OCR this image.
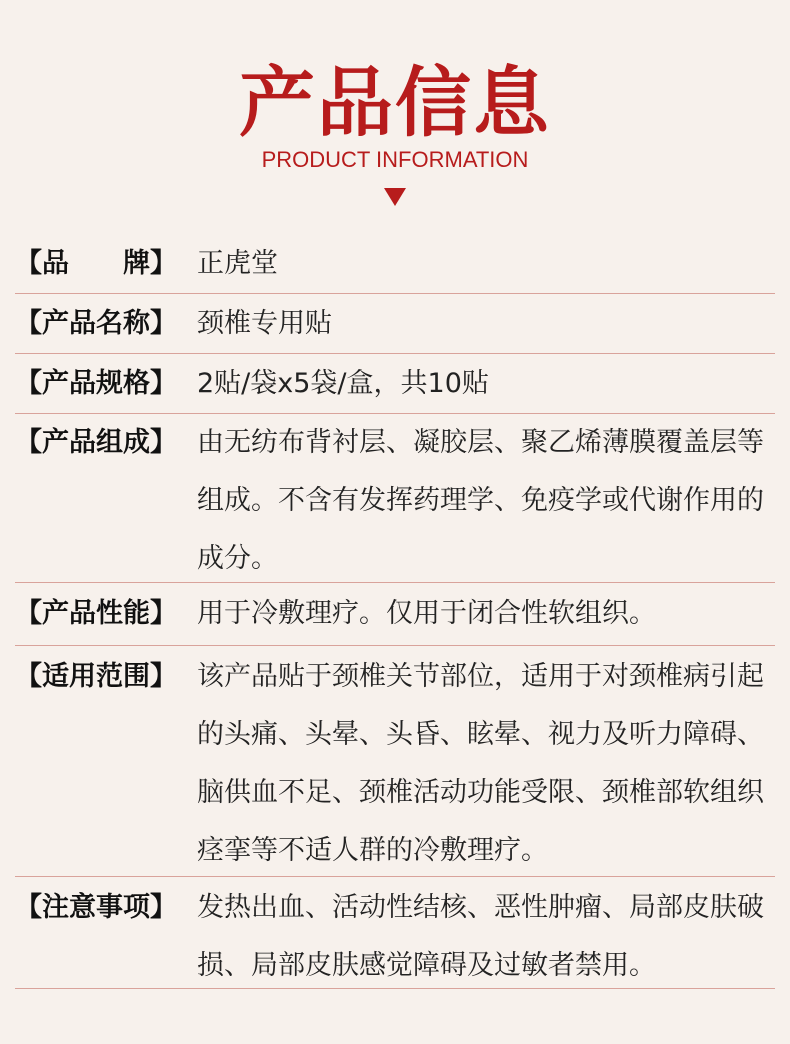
产品信息
PRODUCT INFORMATION
【品　　牌】 正虎堂
【产品名称】 颈椎专用贴
【产品规格】 2贴/袋x5袋/盒，共10贴
【产品组成】 由无纺布背衬层、凝胶层、聚乙烯薄膜覆盖层等组成。不含有发挥药理学、免疫学或代谢作用的成分。
【产品性能】 用于冷敷理疗。仅用于闭合性软组织。
【适用范围】 该产品贴于颈椎关节部位，适用于对颈椎病引起的头痛、头晕、头昏、眩晕、视力及听力障碍、脑供血不足、颈椎活动功能受限、颈椎部软组织痉挛等不适人群的冷敷理疗。
【注意事项】 发热出血、活动性结核、恶性肿瘤、局部皮肤破损、局部皮肤感觉障碍及过敏者禁用。
